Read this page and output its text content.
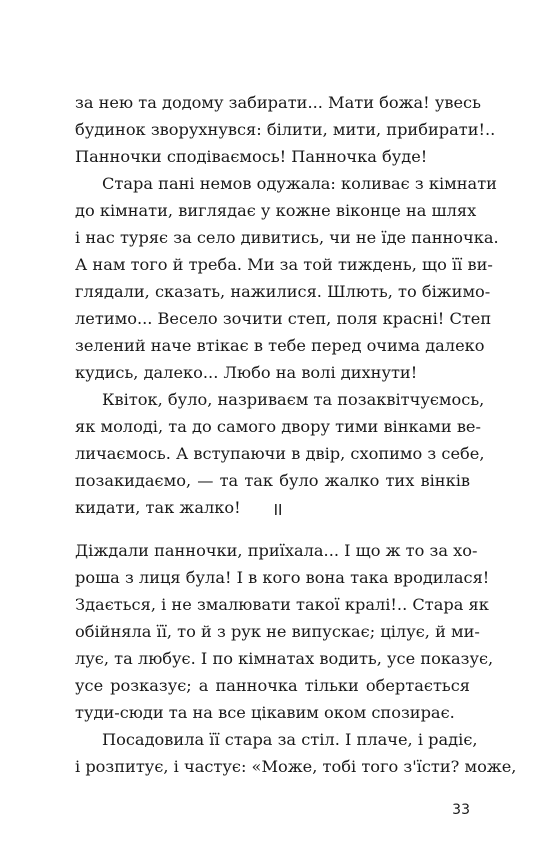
за нею та додому забирати... Мати божа! увесь
будинок зворухнувся: білити, мити, прибирати!..
Панночки сподіваємось! Панночка буде!
Стара пані немов одужала: коливає з кімнати
до кімнати, виглядає у кожне віконце на шлях
і нас туряє за село дивитись, чи не їде панночка.
А нам того й треба. Ми за той тиждень, що її ви-
глядали, сказать, нажилися. Шлють, то біжимо-
летимо... Весело зочити степ, поля красні! Степ
зелений наче втікає в тебе перед очима далеко
кудись, далеко... Любо на волі дихнути!
Квіток, було, назриваєм та позаквітчуємось,
як молоді, та до самого двору тими вінками ве-
личаємось. А вступаючи в двір, схопимо з себе,
позакидаємо, — та так було жалко тих вінків
кидати, так жалко!	II
Діждали панночки, приїхала... І що ж то за хо-
роша з лиця була! І в кого вона така вродилася!
Здається, і не змалювати такої кралі!.. Стара як
обійняла її, то й з рук не випускає; цілує, й ми-
лує, та любує. І по кімнатах водить, усе показує,
усе розказує; а панночка тільки обертається
туди-сюди та на все цікавим оком спозирає.
Посадовила її стара за стіл. І плаче, і радіє,
і розпитує, і частує: «Може, тобі того з'їсти? може,
33
